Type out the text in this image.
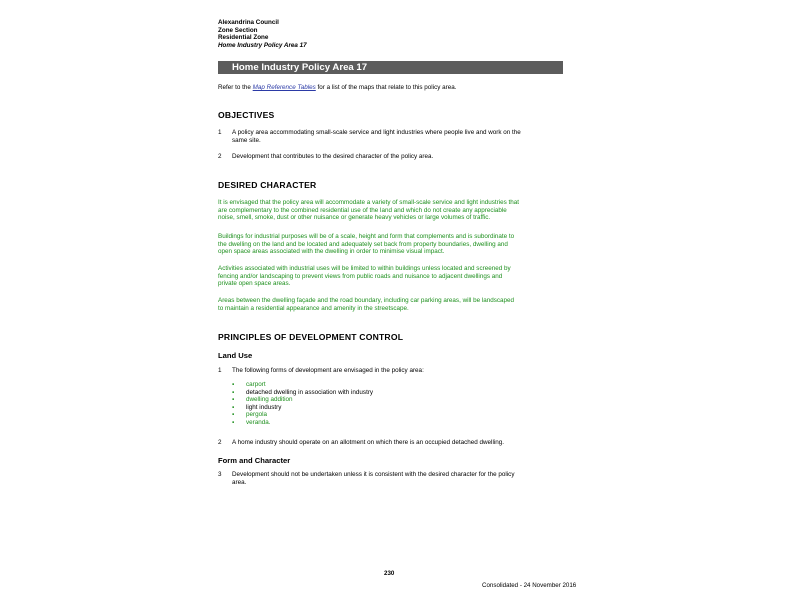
Alexandrina Council
Zone Section
Residential Zone
Home Industry Policy Area 17
Home Industry Policy Area 17
Refer to the Map Reference Tables for a list of the maps that relate to this policy area.
OBJECTIVES
1 A policy area accommodating small-scale service and light industries where people live and work on the
same site.
2 Development that contributes to the desired character of the policy area.
DESIRED CHARACTER
It is envisaged that the policy area will accommodate a variety of small-scale service and light industries that
are complementary to the combined residential use of the land and which do not create any appreciable
noise, smell, smoke, dust or other nuisance or generate heavy vehicles or large volumes of traffic.
Buildings for industrial purposes will be of a scale, height and form that complements and is subordinate to
the dwelling on the land and be located and adequately set back from property boundaries, dwelling and
open space areas associated with the dwelling in order to minimise visual impact.
Activities associated with industrial uses will be limited to within buildings unless located and screened by
fencing and/or landscaping to prevent views from public roads and nuisance to adjacent dwellings and
private open space areas.
Areas between the dwelling façade and the road boundary, including car parking areas, will be landscaped
to maintain a residential appearance and amenity in the streetscape.
PRINCIPLES OF DEVELOPMENT CONTROL
Land Use
1 The following forms of development are envisaged in the policy area:
▪ carport
▪ detached dwelling in association with industry
▪ dwelling addition
▪ light industry
▪ pergola
▪ veranda.
2 A home industry should operate on an allotment on which there is an occupied detached dwelling.
Form and Character
3 Development should not be undertaken unless it is consistent with the desired character for the policy
area.
230
Consolidated - 24 November 2016
